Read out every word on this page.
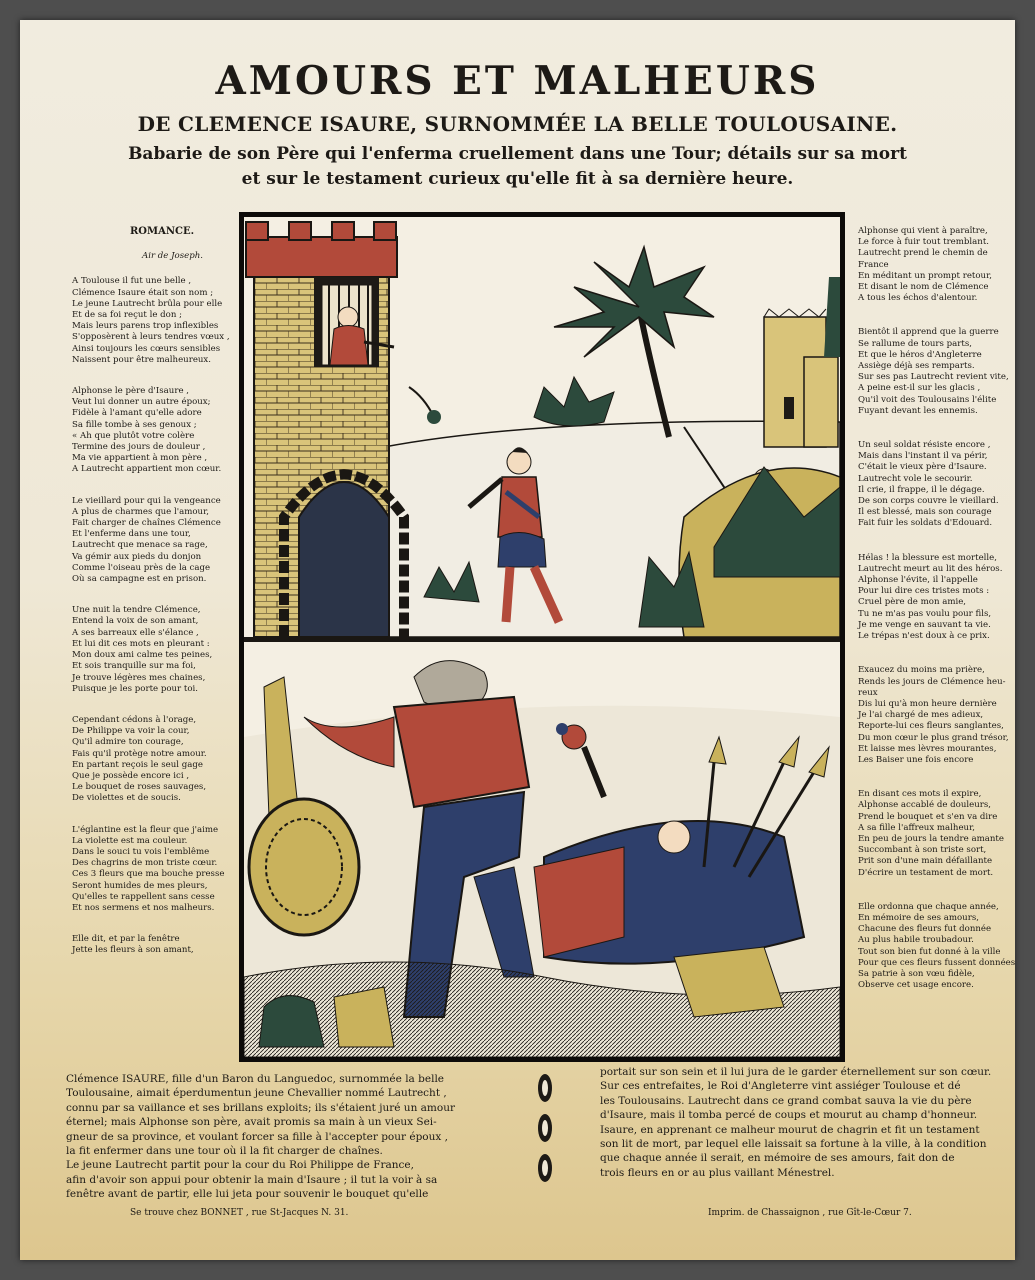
AMOURS ET MALHEURS
DE CLEMENCE ISAURE, SURNOMMÉE LA BELLE TOULOUSAINE.
Babarie de son Père qui l'enferma cruellement dans une Tour; détails sur sa mort
et sur le testament curieux qu'elle fit à sa dernière heure.
ROMANCE.
Air de Joseph.
A Toulouse il fut une belle ,
Clémence Isaure était son nom ;
Le jeune Lautrecht brûla pour elle
Et de sa foi reçut le don ;
Mais leurs parens trop inflexibles
S'opposèrent à leurs tendres vœux ,
Ainsi toujours les cœurs sensibles
Naissent pour être malheureux.
Alphonse le père d'Isaure ,
Veut lui donner un autre époux;
Fidèle à l'amant qu'elle adore
Sa fille tombe à ses genoux ;
« Ah que plutôt votre colère
Termine des jours de douleur ,
Ma vie appartient à mon père ,
A Lautrecht appartient mon cœur.
Le vieillard pour qui la vengeance
A plus de charmes que l'amour,
Fait charger de chaînes Clémence
Et l'enferme dans une tour,
Lautrecht que menace sa rage,
Va gémir aux pieds du donjon
Comme l'oiseau près de la cage
Où sa campagne est en prison.
Une nuit la tendre Clémence,
Entend la voix de son amant,
A ses barreaux elle s'élance ,
Et lui dit ces mots en pleurant :
Mon doux ami calme tes peines,
Et sois tranquille sur ma foi,
Je trouve légères mes chaines,
Puisque je les porte pour toi.
Cependant cédons à l'orage,
De Philippe va voir la cour,
Qu'il admire ton courage,
Fais qu'il protège notre amour.
En partant reçois le seul gage
Que je possède encore ici ,
Le bouquet de roses sauvages,
De violettes et de soucis.
L'églantine est la fleur que j'aime
La violette est ma couleur.
Dans le souci tu vois l'emblême
Des chagrins de mon triste cœur.
Ces 3 fleurs que ma bouche presse
Seront humides de mes pleurs,
Qu'elles te rappellent sans cesse
Et nos sermens et nos malheurs.
Elle dit, et par la fenêtre
Jette les fleurs à son amant,
Alphonse qui vient à paraître,
Le force à fuir tout tremblant.
Lautrecht prend le chemin de
France
En méditant un prompt retour,
Et disant le nom de Clémence
A tous les échos d'alentour.
Bientôt il apprend que la guerre
Se rallume de tours parts,
Et que le héros d'Angleterre
Assiège déjà ses remparts.
Sur ses pas Lautrecht revient vite,
A peine est-il sur les glacis ,
Qu'il voit des Toulousains l'élite
Fuyant devant les ennemis.
Un seul soldat résiste encore ,
Mais dans l'instant il va périr,
C'était le vieux père d'Isaure.
Lautrecht vole le secourir.
Il crie, il frappe, il le dégage.
De son corps couvre le vieillard.
Il est blessé, mais son courage
Fait fuir les soldats d'Edouard.
Hélas ! la blessure est mortelle,
Lautrecht meurt au lit des héros.
Alphonse l'évite, il l'appelle
Pour lui dire ces tristes mots :
Cruel père de mon amie,
Tu ne m'as pas voulu pour fils,
Je me venge en sauvant ta vie.
Le trépas n'est doux à ce prix.
Exaucez du moins ma prière,
Rends les jours de Clémence heu-
reux
Dis lui qu'à mon heure dernière
Je l'ai chargé de mes adieux,
Reporte-lui ces fleurs sanglantes,
Du mon cœur le plus grand trésor,
Et laisse mes lèvres mourantes,
Les Baiser une fois encore
En disant ces mots il expire,
Alphonse accablé de douleurs,
Prend le bouquet et s'en va dire
A sa fille l'affreux malheur,
En peu de jours la tendre amante
Succombant à son triste sort,
Prit son d'une main défaillante
D'écrire un testament de mort.
Elle ordonna que chaque année,
En mémoire de ses amours,
Chacune des fleurs fut donnée
Au plus habile troubadour.
Tout son bien fut donné à la ville
Pour que ces fleurs fussent données
Sa patrie à son vœu fidèle,
Observe cet usage encore.
Clémence ISAURE, fille d'un Baron du Languedoc, surnommée la belle
Toulousaine, aimait éperdumentun jeune Chevallier nommé Lautrecht ,
connu par sa vaillance et ses brillans exploits; ils s'étaient juré un amour
éternel; mais Alphonse son père, avait promis sa main à un vieux Sei-
gneur de sa province, et voulant forcer sa fille à l'accepter pour époux ,
la fit enfermer dans une tour où il la fit charger de chaînes.
Le jeune Lautrecht partit pour la cour du Roi Philippe de France,
afin d'avoir son appui pour obtenir la main d'Isaure ; il tut la voir à sa
fenêtre avant de partir, elle lui jeta pour souvenir le bouquet qu'elle
portait sur son sein et il lui jura de le garder éternellement sur son cœur.
Sur ces entrefaites, le Roi d'Angleterre vint assiéger Toulouse et dé
les Toulousains. Lautrecht dans ce grand combat sauva la vie du père
d'Isaure, mais il tomba percé de coups et mourut au champ d'honneur.
Isaure, en apprenant ce malheur mourut de chagrin et fit un testament
son lit de mort, par lequel elle laissait sa fortune à la ville, à la condition
que chaque année il serait, en mémoire de ses amours, fait don de
trois fleurs en or au plus vaillant Ménestrel.
Se trouve chez BONNET , rue St-Jacques N. 31.	Imprim. de Chassaignon , rue Gît-le-Cœur 7.
